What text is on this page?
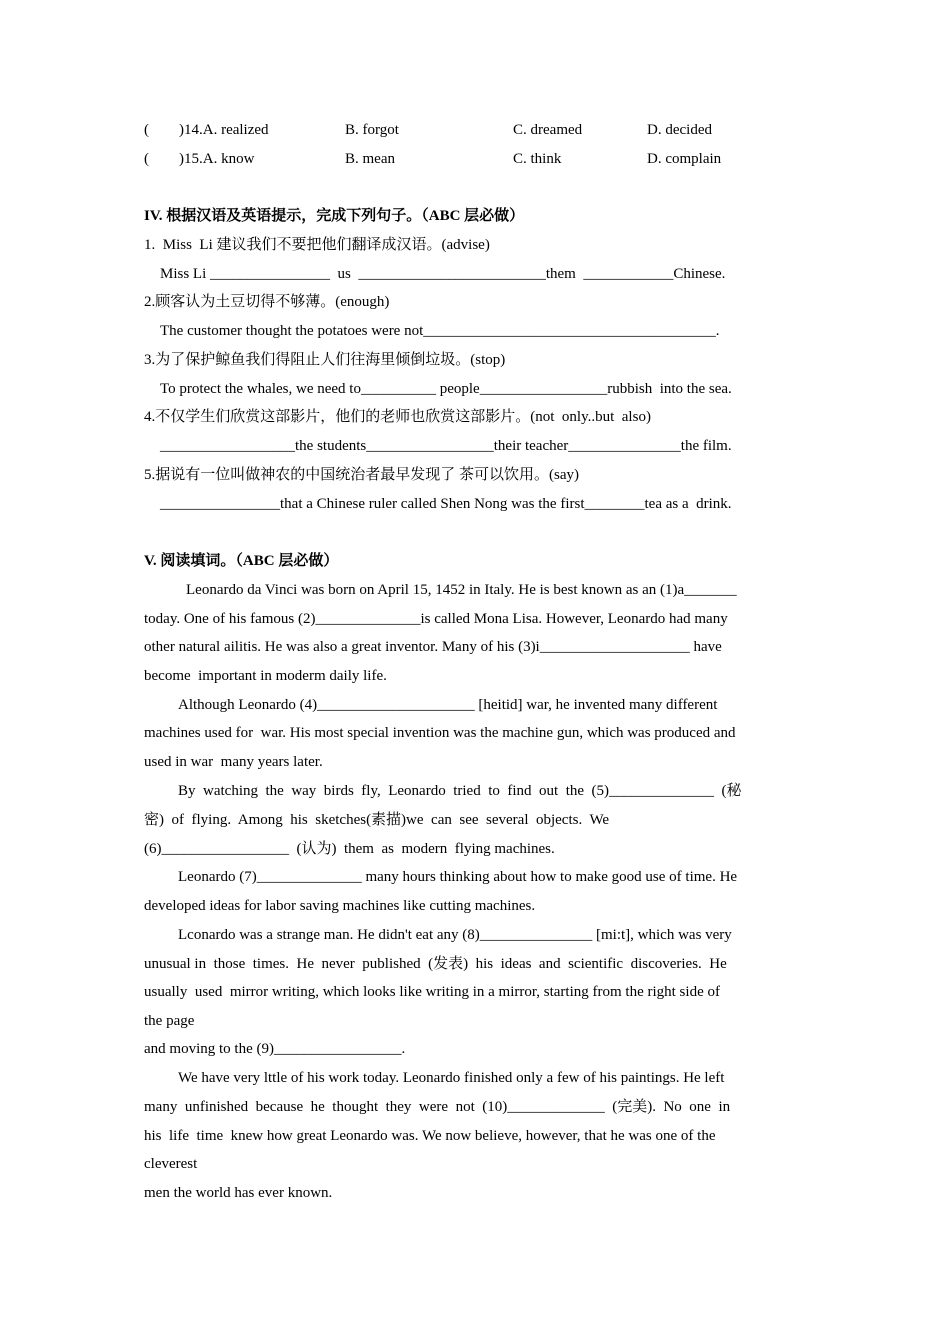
(        )14.A. realized	B. forgot	C. dreamed	D. decided
(        )15.A. know	B. mean	C. think	D. complain
IV. 根据汉语及英语提示，完成下列句子。（ABC 层必做）
1.  Miss  Li 建议我们不要把他们翻译成汉语。(advise)
Miss Li ________________  us  _________________________them  ____________Chinese.
2.顾客认为土豆切得不够薄。(enough)
The customer thought the potatoes were not_______________________________________.
3.为了保护鲸鱼我们得阻止人们往海里倾倒垃圾。(stop)
To protect the whales, we need to__________ people_________________rubbish  into the sea.
4.不仅学生们欣赏这部影片，他们的老师也欣赏这部影片。(not  only..but  also)
__________________the students_________________their teacher_______________the film.
5.据说有一位叫做神农的中国统治者最早发现了 茶可以饮用。(say)
________________that a Chinese ruler called Shen Nong was the first________tea as a  drink.
V. 阅读填词。（ABC 层必做）
Leonardo da Vinci was born on April 15, 1452 in Italy. He is best known as an (1)a_______
today. One of his famous (2)______________is called Mona Lisa. However, Leonardo had many
other natural ailitis. He was also a great inventor. Many of his (3)i____________________ have
become  important in moderm daily life.
Although Leonardo (4)_____________________ [heitid] war, he invented many different
machines used for  war. His most special invention was the machine gun, which was produced and
used in war  many years later.
By  watching  the  way  birds  fly,  Leonardo  tried  to  find  out  the  (5)______________  (秘
密)  of  flying.  Among  his  sketches(素描)we  can  see  several  objects.  We
(6)_________________  (认为)  them  as  modern  flying machines.
Leonardo (7)______________ many hours thinking about how to make good use of time. He
developed ideas for labor saving machines like cutting machines.
Lconardo was a strange man. He didn't eat any (8)_______________ [mi:t], which was very
unusual in  those  times.  He  never  published  (发表)  his  ideas  and  scientific  discoveries.  He
usually  used  mirror writing, which looks like writing in a mirror, starting from the right side of
the page
and moving to the (9)_________________.
We have very lttle of his work today. Leonardo finished only a few of his paintings. He left
many  unfinished  because  he  thought  they  were  not  (10)_____________  (完美).  No  one  in
his  life  time  knew how great Leonardo was. We now believe, however, that he was one of the
cleverest
men the world has ever known.
